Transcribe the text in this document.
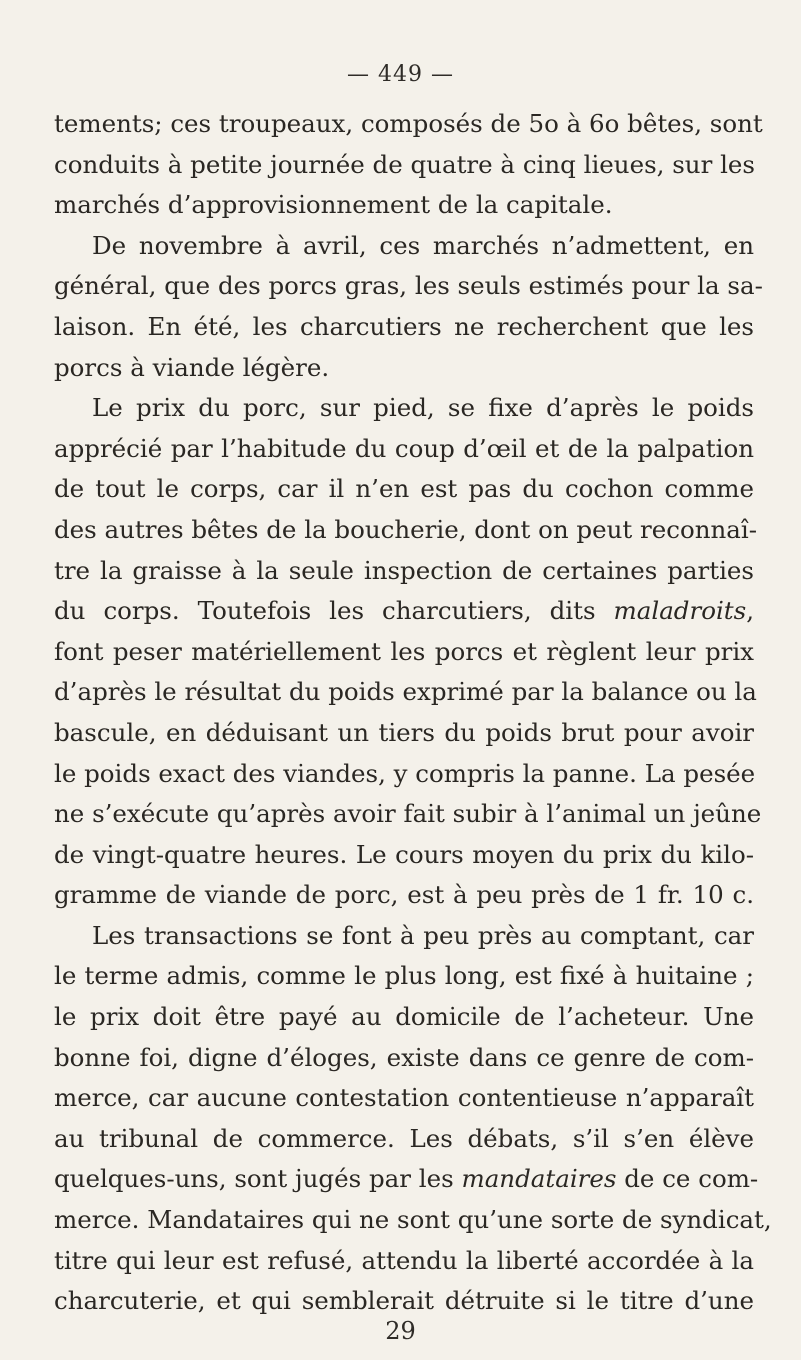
— 449 —
tements; ces troupeaux, composés de 5o à 6o bêtes, sont
conduits à petite journée de quatre à cinq lieues, sur les
marchés d’approvisionnement de la capitale.
De novembre à avril, ces marchés n’admettent, en
général, que des porcs gras, les seuls estimés pour la sa-
laison. En été, les charcutiers ne recherchent que les
porcs à viande légère.
Le prix du porc, sur pied, se fixe d’après le poids
apprécié par l’habitude du coup d’œil et de la palpation
de tout le corps, car il n’en est pas du cochon comme
des autres bêtes de la boucherie, dont on peut reconnaî-
tre la graisse à la seule inspection de certaines parties
du corps. Toutefois les charcutiers, dits maladroits,
font peser matériellement les porcs et règlent leur prix
d’après le résultat du poids exprimé par la balance ou la
bascule, en déduisant un tiers du poids brut pour avoir
le poids exact des viandes, y compris la panne. La pesée
ne s’exécute qu’après avoir fait subir à l’animal un jeûne
de vingt-quatre heures. Le cours moyen du prix du kilo-
gramme de viande de porc, est à peu près de 1 fr. 10 c.
Les transactions se font à peu près au comptant, car
le terme admis, comme le plus long, est fixé à huitaine ;
le prix doit être payé au domicile de l’acheteur. Une
bonne foi, digne d’éloges, existe dans ce genre de com-
merce, car aucune contestation contentieuse n’apparaît
au tribunal de commerce. Les débats, s’il s’en élève
quelques-uns, sont jugés par les mandataires de ce com-
merce. Mandataires qui ne sont qu’une sorte de syndicat,
titre qui leur est refusé, attendu la liberté accordée à la
charcuterie, et qui semblerait détruite si le titre d’une
29
